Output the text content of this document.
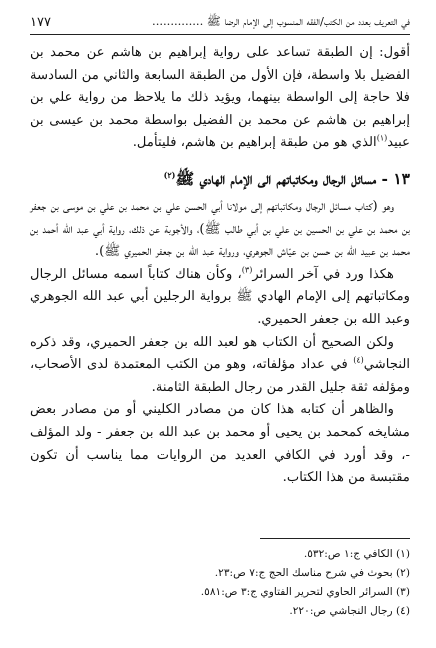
في التعريف بعدد من الكتب/الفقه المنسوب إلى الإمام الرضا ﷺ ..............
١٧٧

أقول: إن الطبقة تساعد على رواية إبراهيم بن هاشم عن محمد بن الفضيل بلا واسطة، فإن الأول من الطبقة السابعة والثاني من السادسة فلا حاجة إلى الواسطة بينهما، ويؤيد ذلك ما يلاحظ من رواية علي بن إبراهيم بن هاشم عن محمد بن الفضيل بواسطة محمد بن عيسى بن عبيد$^{(١)}$الذي هو من طبقة إبراهيم بن هاشم، فليتأمل.

١٣ - مسائل الرجال ومكاتباتهم الى الإمام الهادي ﷺ$^{(٢)}$

وهو (كتاب مسائل الرجال ومكاتباتهم إلى مولانا أبي الحسن علي بن محمد بن علي بن موسى بن جعفر بن محمد بن علي بن الحسين بن علي بن أبي طالب ﷺ)، والأجوبة عن ذلك، رواية أبي عبد الله أحمد بن محمد بن عبيد الله بن حسن بن عيّاش الجوهري، ورواية عبد الله بن جعفر الحميري ﷺ).

هكذا ورد في آخر السرائر$^{(٣)}$، وكأن هناك كتاباً اسمه مسائل الرجال ومكاتباتهم إلى الإمام الهادي ﷺ برواية الرجلين أبي عبد الله الجوهري وعبد الله بن جعفر الحميري.

ولكن الصحيح أن الكتاب هو لعبد الله بن جعفر الحميري، وقد ذكره النجاشي$^{(٤)}$ في عداد مؤلفاته، وهو من الكتب المعتمدة لدى الأصحاب، ومؤلفه ثقة جليل القدر من رجال الطبقة الثامنة.

والظاهر أن كتابه هذا كان من مصادر الكليني أو من مصادر بعض مشايخه كمحمد بن يحيى أو محمد بن عبد الله بن جعفر - ولد المؤلف -، وقد أورد في الكافي العديد من الروايات مما يناسب أن تكون مقتبسة من هذا الكتاب.

(١) الكافي ج:١ ص:٥٣٢.
(٢) بحوث في شرح مناسك الحج ج:٧ ص:٢٣.
(٣) السرائر الحاوي لتحرير الفتاوي ج:٣ ص:٥٨١.
(٤) رجال النجاشي ص:٢٢٠.
